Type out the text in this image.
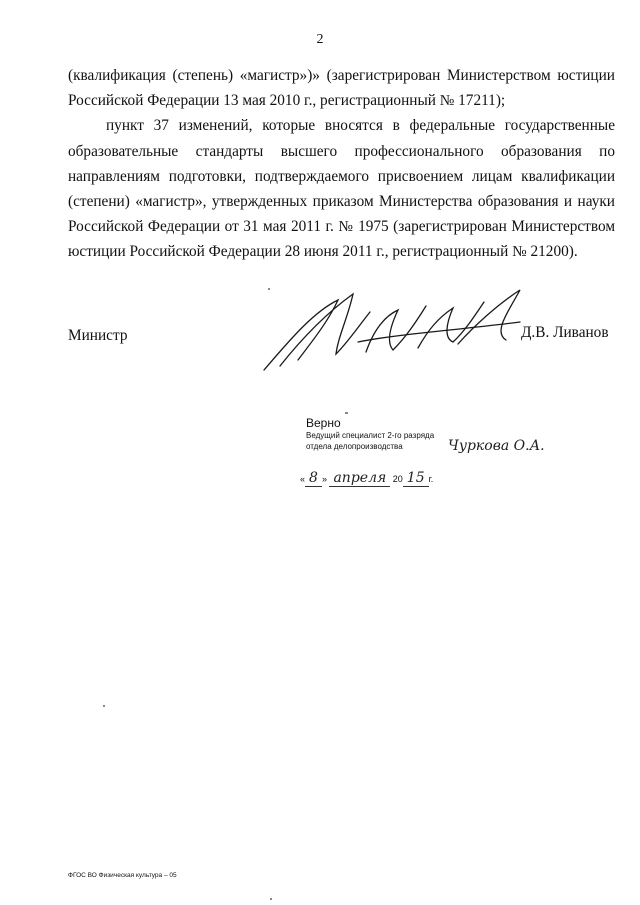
2

(квалификация (степень) «магистр»)» (зарегистрирован Министерством юстиции Российской Федерации 13 мая 2010 г., регистрационный № 17211);

пункт 37 изменений, которые вносятся в федеральные государственные образовательные стандарты высшего профессионального образования по направлениям подготовки, подтверждаемого присвоением лицам квалификации (степени) «магистр», утвержденных приказом Министерства образования и науки Российской Федерации от 31 мая 2011 г. № 1975 (зарегистрирован Министерством юстиции Российской Федерации 28 июня 2011 г., регистрационный № 21200).

Министр	Д.В. Ливанов
Верно
Ведущий специалист 2-го разряда
отдела делопроизводства	Чуркова О.А.
« 8 » апреля 20 15 г.
ФГОС ВО Физическая культура – 05
